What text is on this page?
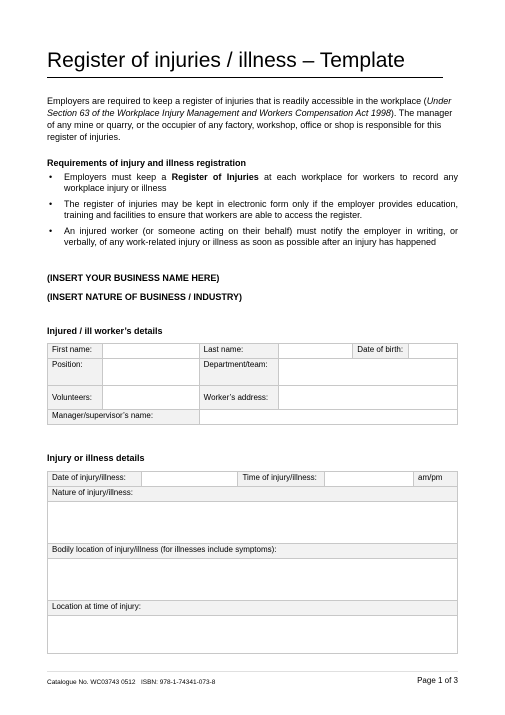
Register of injuries / illness – Template

Employers are required to keep a register of injuries that is readily accessible in the workplace (Under Section 63 of the Workplace Injury Management and Workers Compensation Act 1998). The manager of any mine or quarry, or the occupier of any factory, workshop, office or shop is responsible for this register of injuries.

Requirements of injury and illness registration

• Employers must keep a Register of Injuries at each workplace for workers to record any workplace injury or illness
• The register of injuries may be kept in electronic form only if the employer provides education, training and facilities to ensure that workers are able to access the register.
• An injured worker (or someone acting on their behalf) must notify the employer in writing, or verbally, of any work-related injury or illness as soon as possible after an injury has happened
(INSERT YOUR BUSINESS NAME HERE)
(INSERT NATURE OF BUSINESS / INDUSTRY)

Injured / ill worker’s details

First name:		Last name:		Date of birth:	
Position:		Department/team:			
Volunteers:		Worker’s address:			
Manager/supervisor’s name:					

Injury or illness details

Date of injury/illness:		Time of injury/illness:		am/pm
Nature of injury/illness:

Bodily location of injury/illness (for illnesses include symptoms):

Location at time of injury:

Catalogue No. WC03743 0512 ISBN: 978-1-74341-073-8	Page 1 of 3
